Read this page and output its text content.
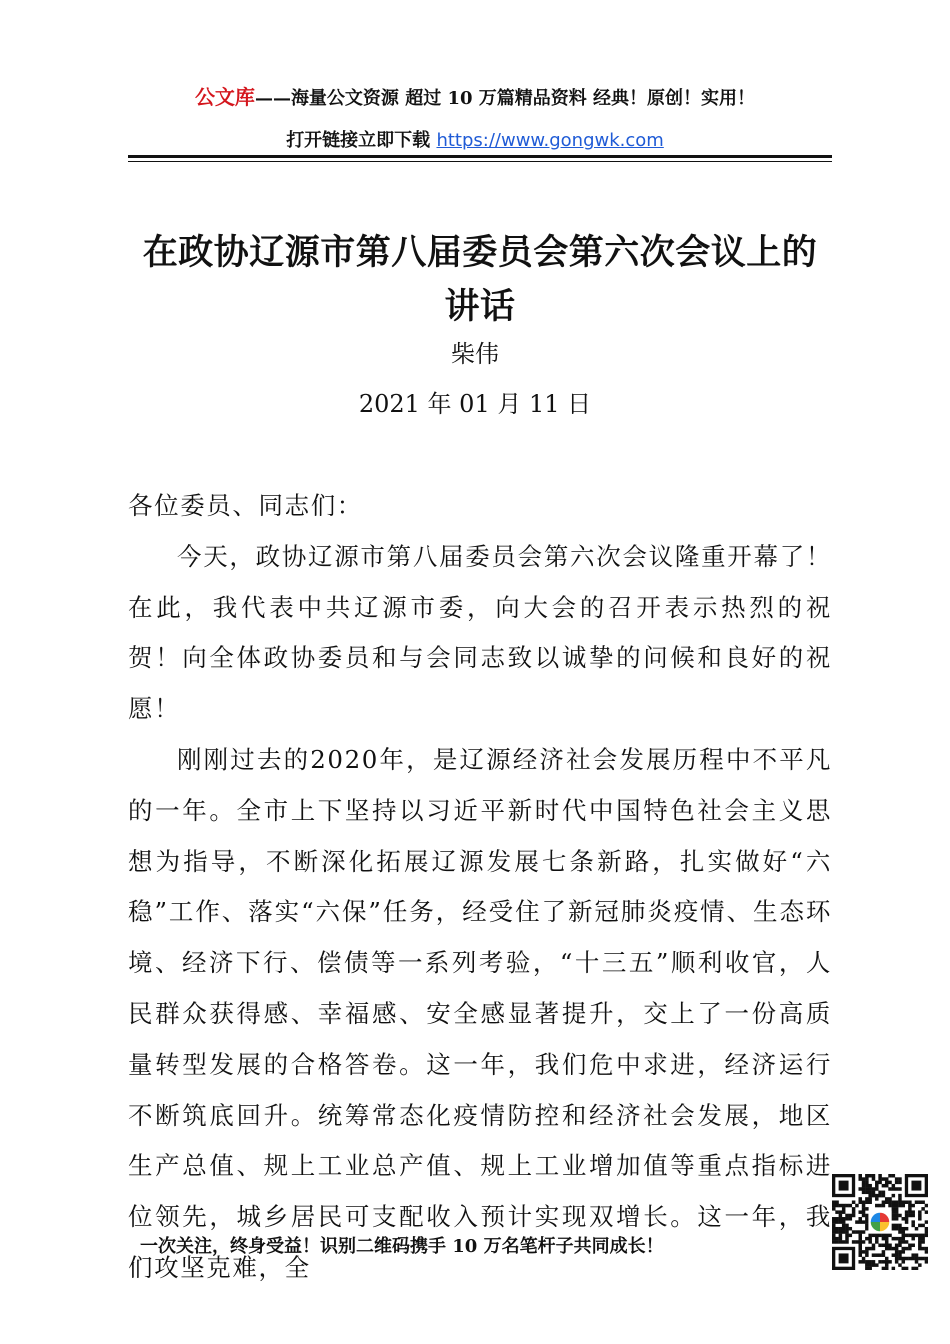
公文库——海量公文资源 超过 10 万篇精品资料 经典！原创！实用！
打开链接立即下载 https://www.gongwk.com
在政协辽源市第八届委员会第六次会议上的讲话
柴伟
2021 年 01 月 11 日

各位委员、同志们：

今天，政协辽源市第八届委员会第六次会议隆重开幕了！在此，我代表中共辽源市委，向大会的召开表示热烈的祝贺！向全体政协委员和与会同志致以诚挚的问候和良好的祝愿！

刚刚过去的2020年，是辽源经济社会发展历程中不平凡的一年。全市上下坚持以习近平新时代中国特色社会主义思想为指导，不断深化拓展辽源发展七条新路，扎实做好“六稳”工作、落实“六保”任务，经受住了新冠肺炎疫情、生态环境、经济下行、偿债等一系列考验，“十三五”顺利收官，人民群众获得感、幸福感、安全感显著提升，交上了一份高质量转型发展的合格答卷。这一年，我们危中求进，经济运行不断筑底回升。统筹常态化疫情防控和经济社会发展，地区生产总值、规上工业总产值、规上工业增加值等重点指标进位领先，城乡居民可支配收入预计实现双增长。这一年，我们攻坚克难，全

一次关注，终身受益！识别二维码携手 10 万名笔杆子共同成长！
